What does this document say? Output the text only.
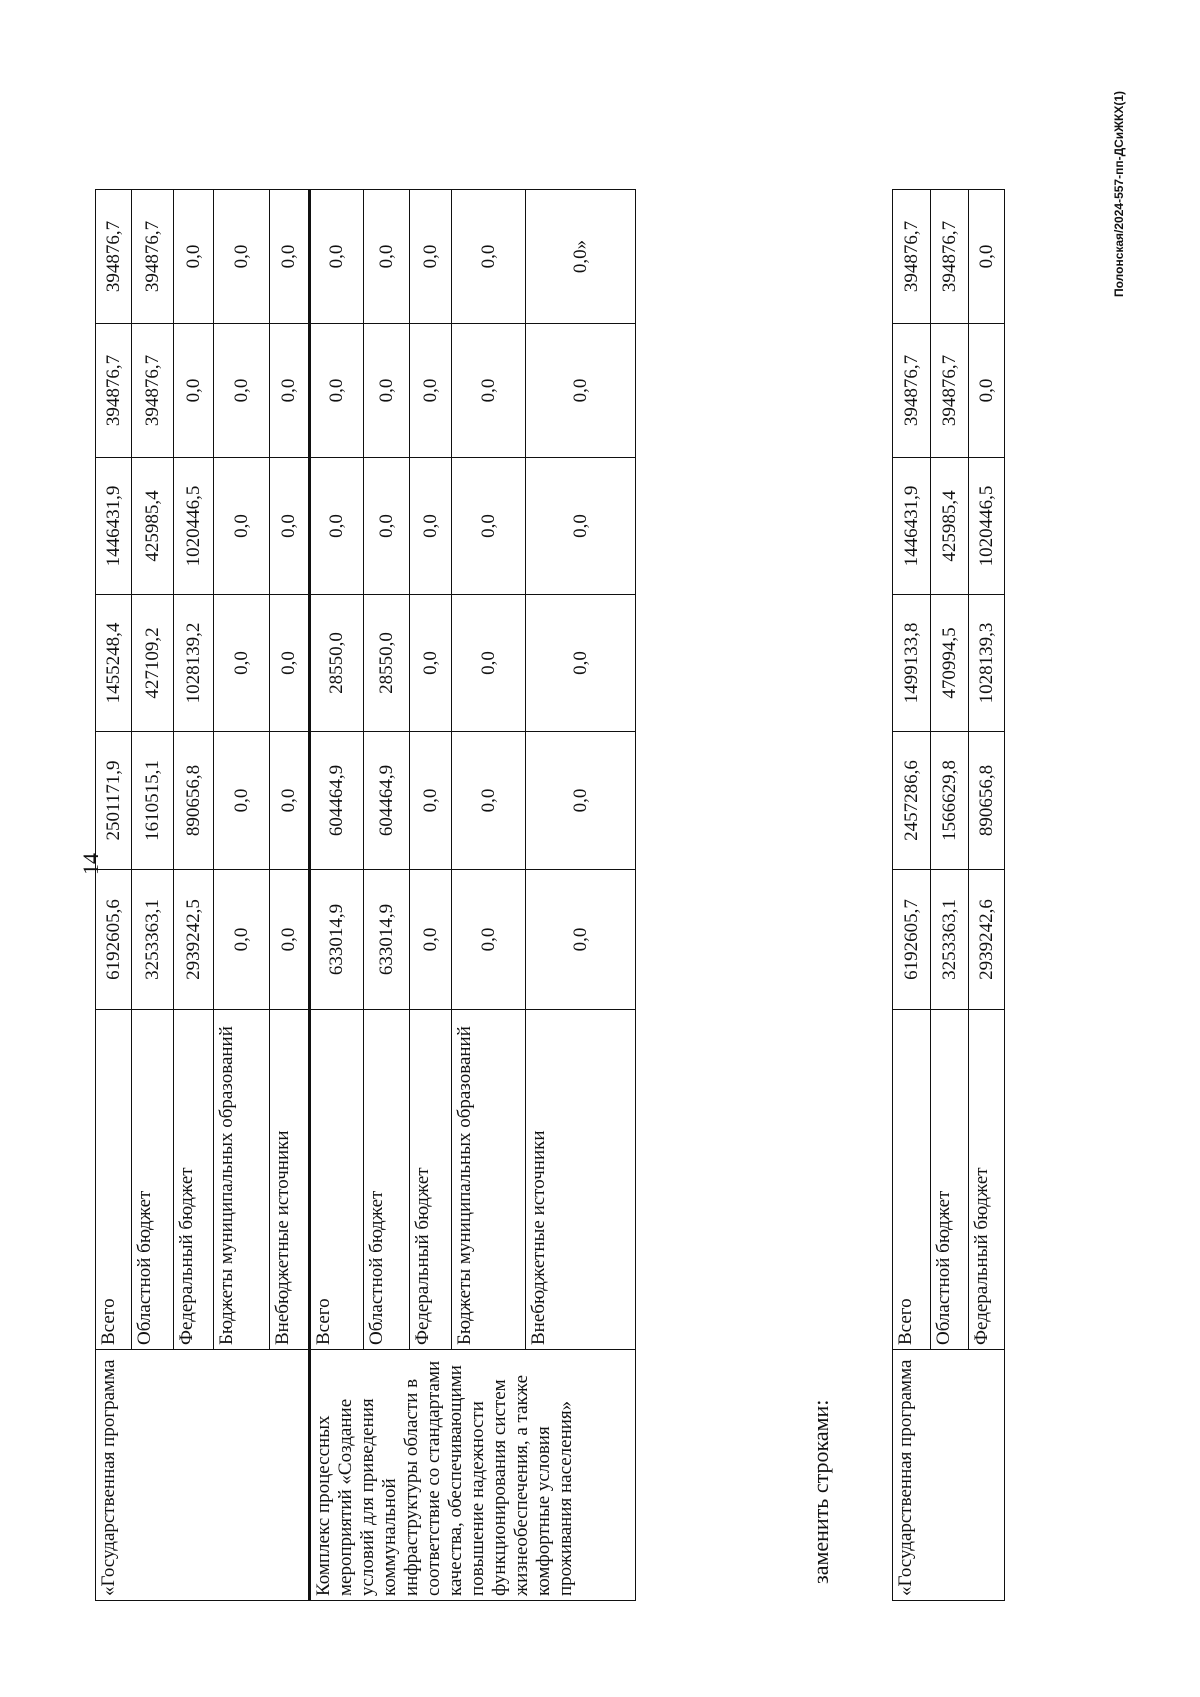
14
«Государственная программа	Всего	6192605,6	2501171,9	1455248,4	1446431,9	394876,7	394876,7
	Областной бюджет	3253363,1	1610515,1	427109,2	425985,4	394876,7	394876,7
	Федеральный бюджет	2939242,5	890656,8	1028139,2	1020446,5	0,0	0,0
	Бюджеты муниципальных образований	0,0	0,0	0,0	0,0	0,0	0,0
	Внебюджетные источники	0,0	0,0	0,0	0,0	0,0	0,0
Комплекс процессных мероприятий «Создание условий для приведения коммунальной инфраструктуры области в соответствие со стандартами качества, обеспечивающими повышение надежности функционирования систем жизнеобеспечения, а также комфортные условия проживания населения»	Всего	633014,9	604464,9	28550,0	0,0	0,0	0,0
	Областной бюджет	633014,9	604464,9	28550,0	0,0	0,0	0,0
	Федеральный бюджет	0,0	0,0	0,0	0,0	0,0	0,0
	Бюджеты муниципальных образований	0,0	0,0	0,0	0,0	0,0	0,0
	Внебюджетные источники	0,0	0,0	0,0	0,0	0,0	0,0»
заменить строками:	«Государственная программа	Всего	6192605,7	2457286,6	1499133,8	1446431,9	394876,7	394876,7
	Областной бюджет	3253363,1	1566629,8	470994,5	425985,4	394876,7	394876,7
	Федеральный бюджет	2939242,6	890656,8	1028139,3	1020446,5	0,0	0,0	Полонская/2024-557-пп-ДСиЖКХ(1)
